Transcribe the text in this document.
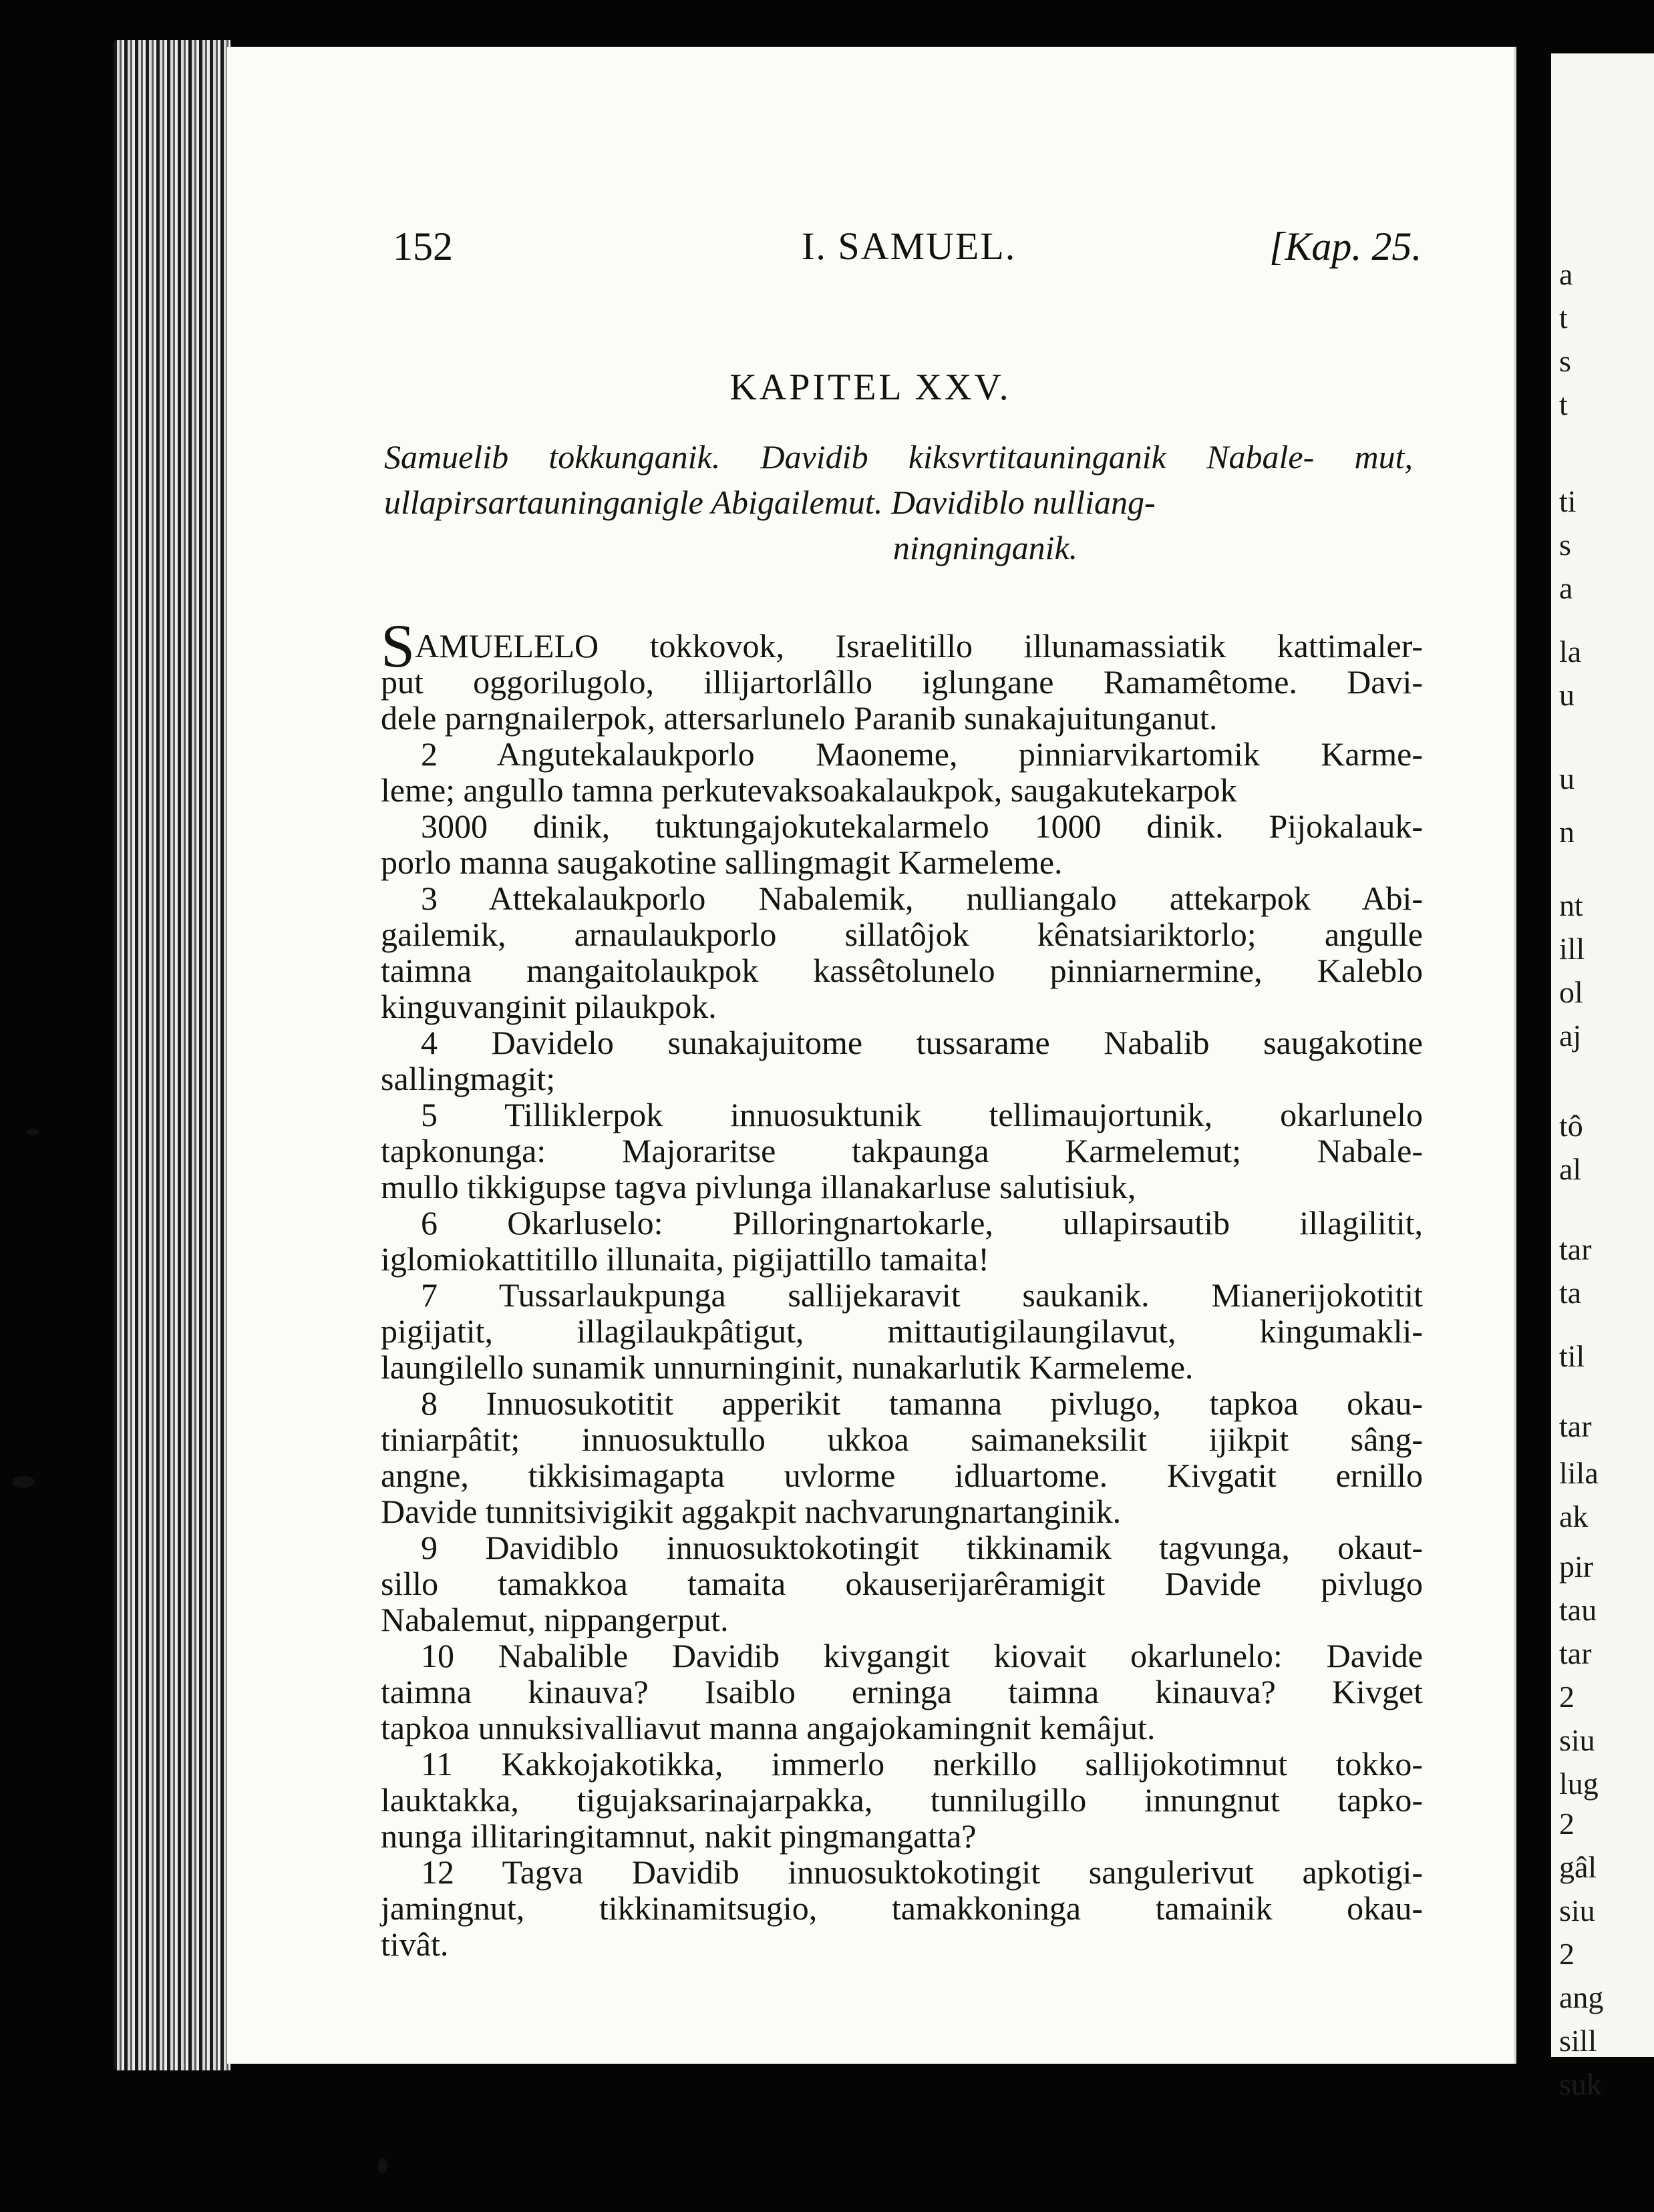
152	I. SAMUEL.	[Kap. 25.
KAPITEL XXV.
Samuelib tokkunganik. Davidib kiksvrtitauninganik Nabale- mut, ullapirsartauninganigle Abigailemut. Davidiblo nulliang-
ningninganik.
SAMUELELO tokkovok, Israelitillo illunamassiatik kattimaler-
put oggorilugolo, illijartorlâllo iglungane Ramamêtome. Davi-
dele parngnailerpok, attersarlunelo Paranib sunakajuitunganut.
2 Angutekalaukporlo Maoneme, pinniarvikartomik Karme-
leme; angullo tamna perkutevaksoakalaukpok, saugakutekarpok
3000 dinik, tuktungajokutekalarmelo 1000 dinik. Pijokalauk-
porlo manna saugakotine sallingmagit Karmeleme.
3 Attekalaukporlo Nabalemik, nulliangalo attekarpok Abi-
gailemik, arnaulaukporlo sillatôjok kênatsiariktorlo; angulle
taimna mangaitolaukpok kassêtolunelo pinniarnermine, Kaleblo
kinguvanginit pilaukpok.
4 Davidelo sunakajuitome tussarame Nabalib saugakotine
sallingmagit;
5 Tilliklerpok innuosuktunik tellimaujortunik, okarlunelo
tapkonunga: Majoraritse takpaunga Karmelemut; Nabale-
mullo tikkigupse tagva pivlunga illanakarluse salutisiuk,
6 Okarluselo: Pilloringnartokarle, ullapirsautib illagilitit,
iglomiokattitillo illunaita, pigijattillo tamaita!
7 Tussarlaukpunga sallijekaravit saukanik. Mianerijokotitit
pigijatit, illagilaukpâtigut, mittautigilaungilavut, kingumakli-
laungilello sunamik unnurninginit, nunakarlutik Karmeleme.
8 Innuosukotitit apperikit tamanna pivlugo, tapkoa okau-
tiniarpâtit; innuosuktullo ukkoa saimaneksilit ijikpit sâng-
angne, tikkisimagapta uvlorme idluartome. Kivgatit ernillo
Davide tunnitsivigikit aggakpit nachvarungnartanginik.
9 Davidiblo innuosuktokotingit tikkinamik tagvunga, okaut-
sillo tamakkoa tamaita okauserijarêramigit Davide pivlugo
Nabalemut, nippangerput.
10 Nabalible Davidib kivgangit kiovait okarlunelo: Davide
taimna kinauva? Isaiblo erninga taimna kinauva? Kivget
tapkoa unnuksivalliavut manna angajokamingnit kemâjut.
11 Kakkojakotikka, immerlo nerkillo sallijokotimnut tokko-
lauktakka, tigujaksarinajarpakka, tunnilugillo innungnut tapko-
nunga illitaringitamnut, nakit pingmangatta?
12 Tagva Davidib innuosuktokotingit sangulerivut apkotigi-
jamingnut, tikkinamitsugio, tamakkoninga tamainik okau-
tivât.
a
t
s
t
ti
s
a
la
u
u
n
nt
ill
ol
aj
tô
al
tar
ta
til
tar
lila
ak
pir
tau
tar
2
siu
lug
2
gâl
siu
2
ang
sill
suk
